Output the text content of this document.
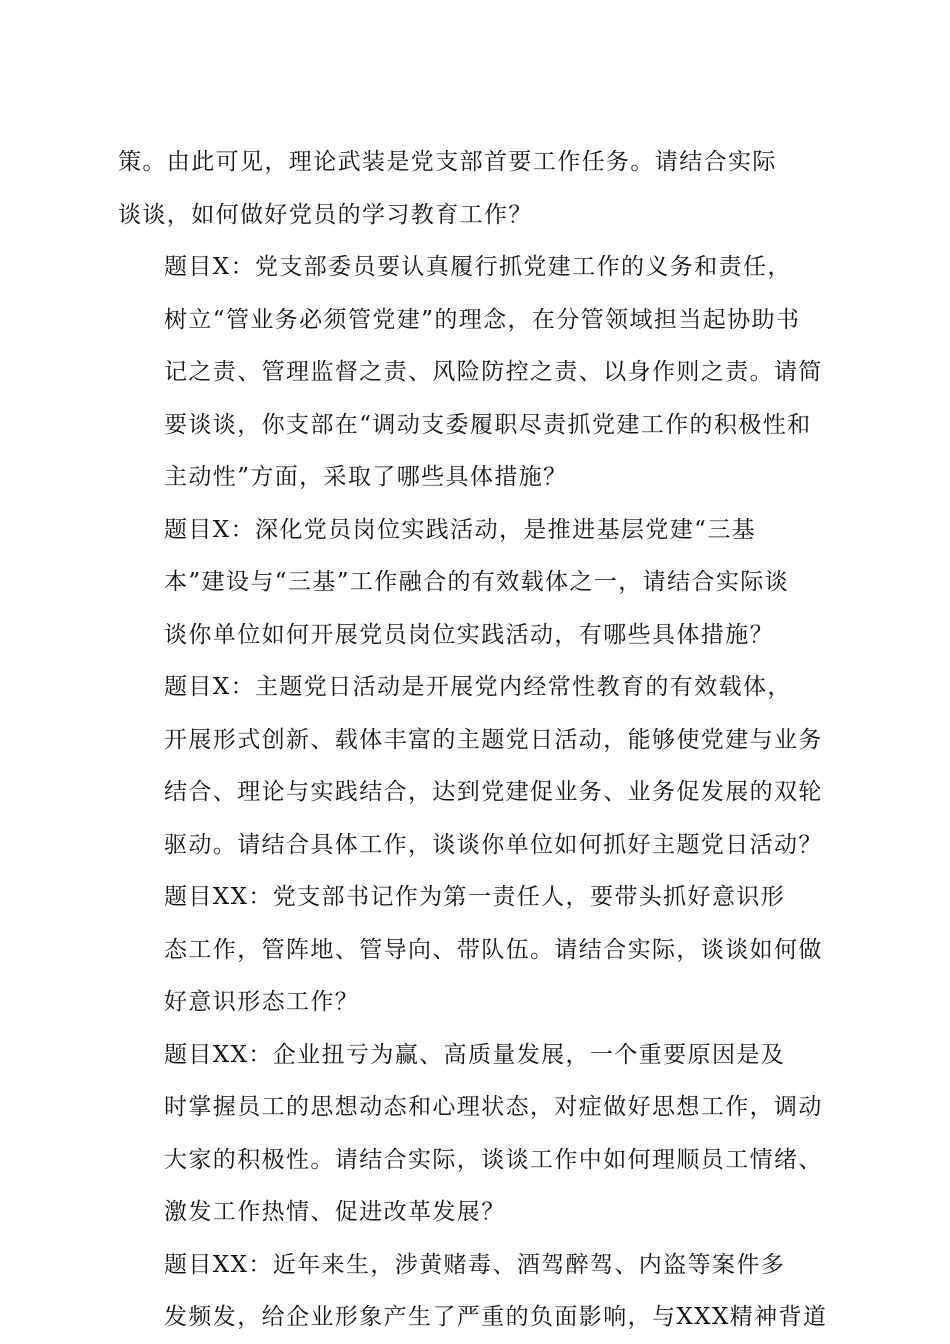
策。由此可见，理论武装是党支部首要工作任务。请结合实际
谈谈，如何做好党员的学习教育工作？

题目X：党支部委员要认真履行抓党建工作的义务和责任，
树立“管业务必须管党建”的理念，在分管领域担当起协助书
记之责、管理监督之责、风险防控之责、以身作则之责。请简
要谈谈，你支部在“调动支委履职尽责抓党建工作的积极性和
主动性”方面，采取了哪些具体措施？

题目X：深化党员岗位实践活动，是推进基层党建“三基
本”建设与“三基”工作融合的有效载体之一，请结合实际谈
谈你单位如何开展党员岗位实践活动，有哪些具体措施？

题目X：主题党日活动是开展党内经常性教育的有效载体，
开展形式创新、载体丰富的主题党日活动，能够使党建与业务
结合、理论与实践结合，达到党建促业务、业务促发展的双轮
驱动。请结合具体工作，谈谈你单位如何抓好主题党日活动？

题目XX：党支部书记作为第一责任人，要带头抓好意识形
态工作，管阵地、管导向、带队伍。请结合实际，谈谈如何做
好意识形态工作？

题目XX：企业扭亏为赢、高质量发展，一个重要原因是及
时掌握员工的思想动态和心理状态，对症做好思想工作，调动
大家的积极性。请结合实际，谈谈工作中如何理顺员工情绪、
激发工作热情、促进改革发展？

题目XX：近年来生，涉黄赌毒、酒驾醉驾、内盗等案件多
发频发，给企业形象产生了严重的负面影响，与XXX精神背道
